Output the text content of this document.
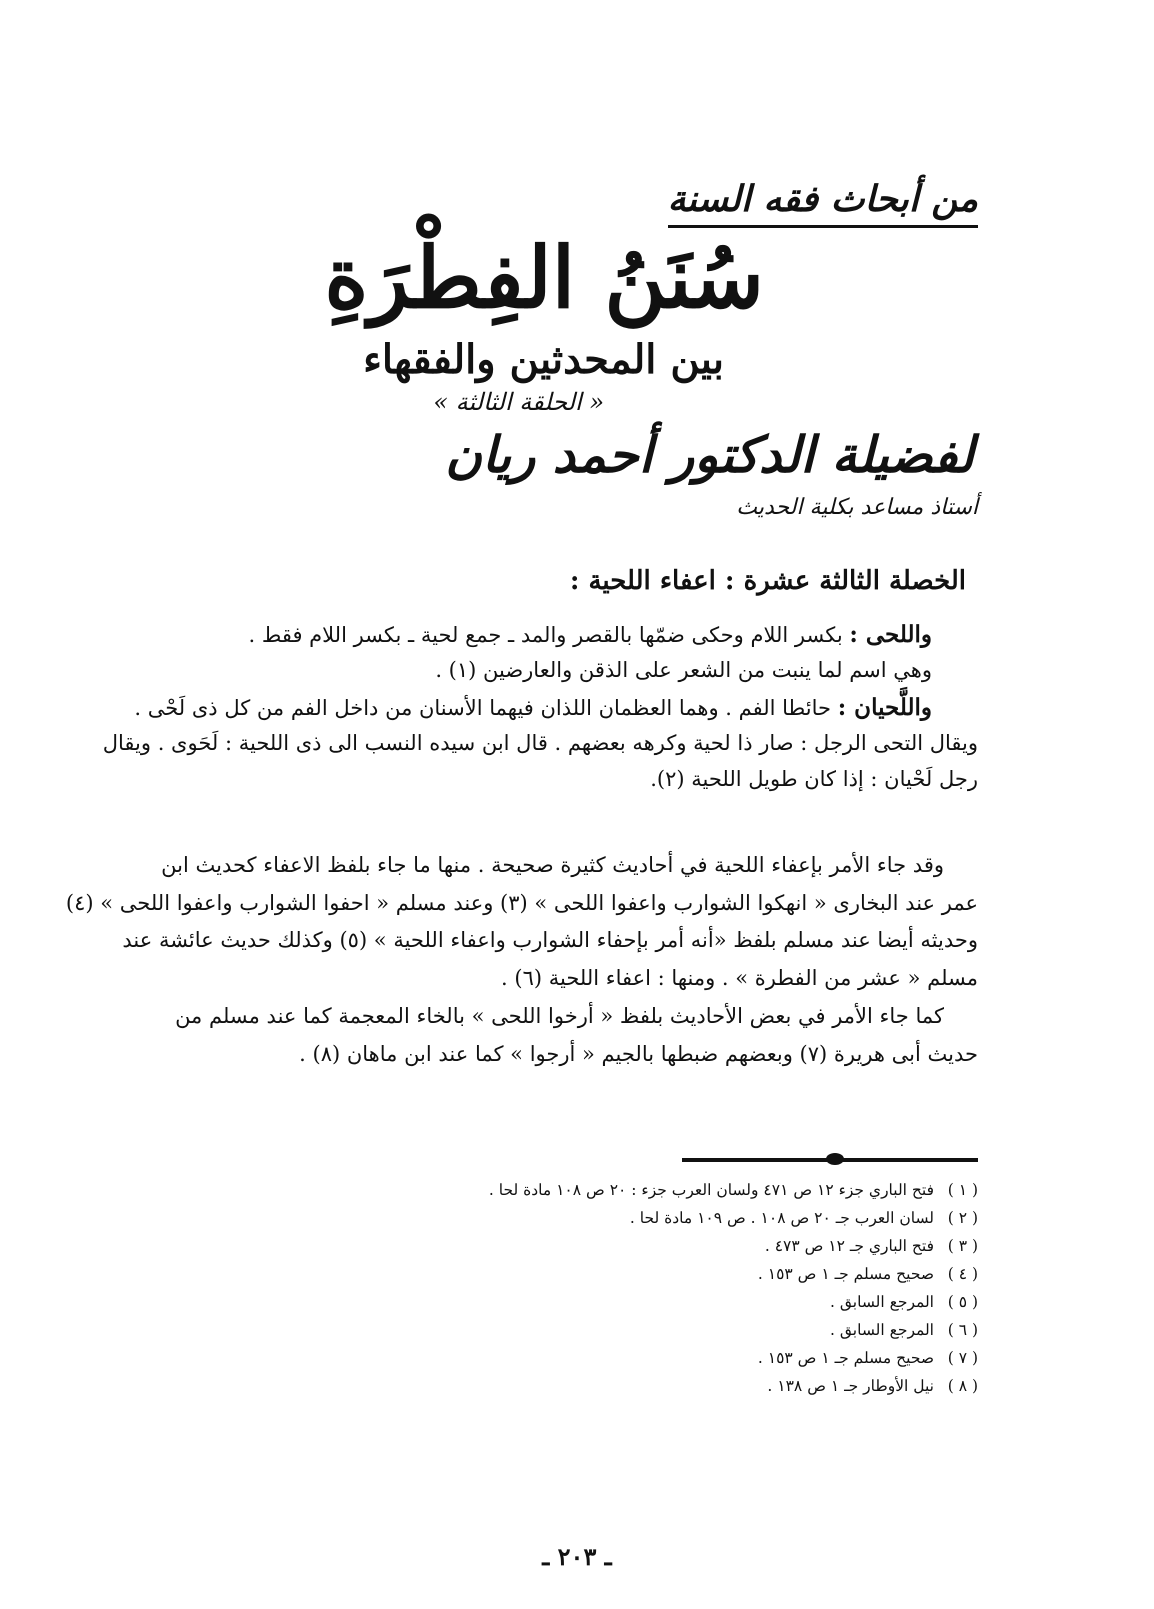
من أبحاث فقه السنة
سُنَنُ الفِطْرَةِ
بين المحدثين والفقهاء
« الحلقة الثالثة »
لفضيلة الدكتور أحمد ريان
أستاذ مساعد بكلية الحديث
الخصلة الثالثة عشرة : اعفاء اللحية :
واللحى : بكسر اللام وحكى ضمّها بالقصر والمد ـ جمع لحية ـ بكسر اللام فقط .
وهي اسم لما ينبت من الشعر على الذقن والعارضين (١) .
واللَّحيان : حائطا الفم . وهما العظمان اللذان فيهما الأسنان من داخل الفم من كل ذى لَحْى .
ويقال التحى الرجل : صار ذا لحية وكرهه بعضهم . قال ابن سيده النسب الى ذى اللحية : لَحَوى . ويقال
رجل لَحْيان : إذا كان طويل اللحية (٢).
وقد جاء الأمر بإعفاء اللحية في أحاديث كثيرة صحيحة . منها ما جاء بلفظ الاعفاء كحديث ابن
عمر عند البخارى « انهكوا الشوارب واعفوا اللحى » (٣) وعند مسلم « احفوا الشوارب واعفوا اللحى » (٤)
وحديثه أيضا عند مسلم بلفظ «أنه أمر بإحفاء الشوارب واعفاء اللحية » (٥) وكذلك حديث عائشة عند
مسلم « عشر من الفطرة » . ومنها : اعفاء اللحية (٦) .
كما جاء الأمر في بعض الأحاديث بلفظ « أرخوا اللحى » بالخاء المعجمة كما عند مسلم من
حديث أبى هريرة (٧) وبعضهم ضبطها بالجيم « أرجوا » كما عند ابن ماهان (٨) .
( ١ )فتح الباري جزء ١٢ ص ٤٧١ ولسان العرب جزء : ٢٠ ص ١٠٨ مادة لحا .
( ٢ )لسان العرب جـ ٢٠ ص ١٠٨ . ص ١٠٩ مادة لحا .
( ٣ )فتح الباري جـ ١٢ ص ٤٧٣ .
( ٤ )صحيح مسلم جـ ١ ص ١٥٣ .
( ٥ )المرجع السابق .
( ٦ )المرجع السابق .
( ٧ )صحيح مسلم جـ ١ ص ١٥٣ .
( ٨ )نيل الأوطار جـ ١ ص ١٣٨ .
ـ ٢٠٣ ـ
